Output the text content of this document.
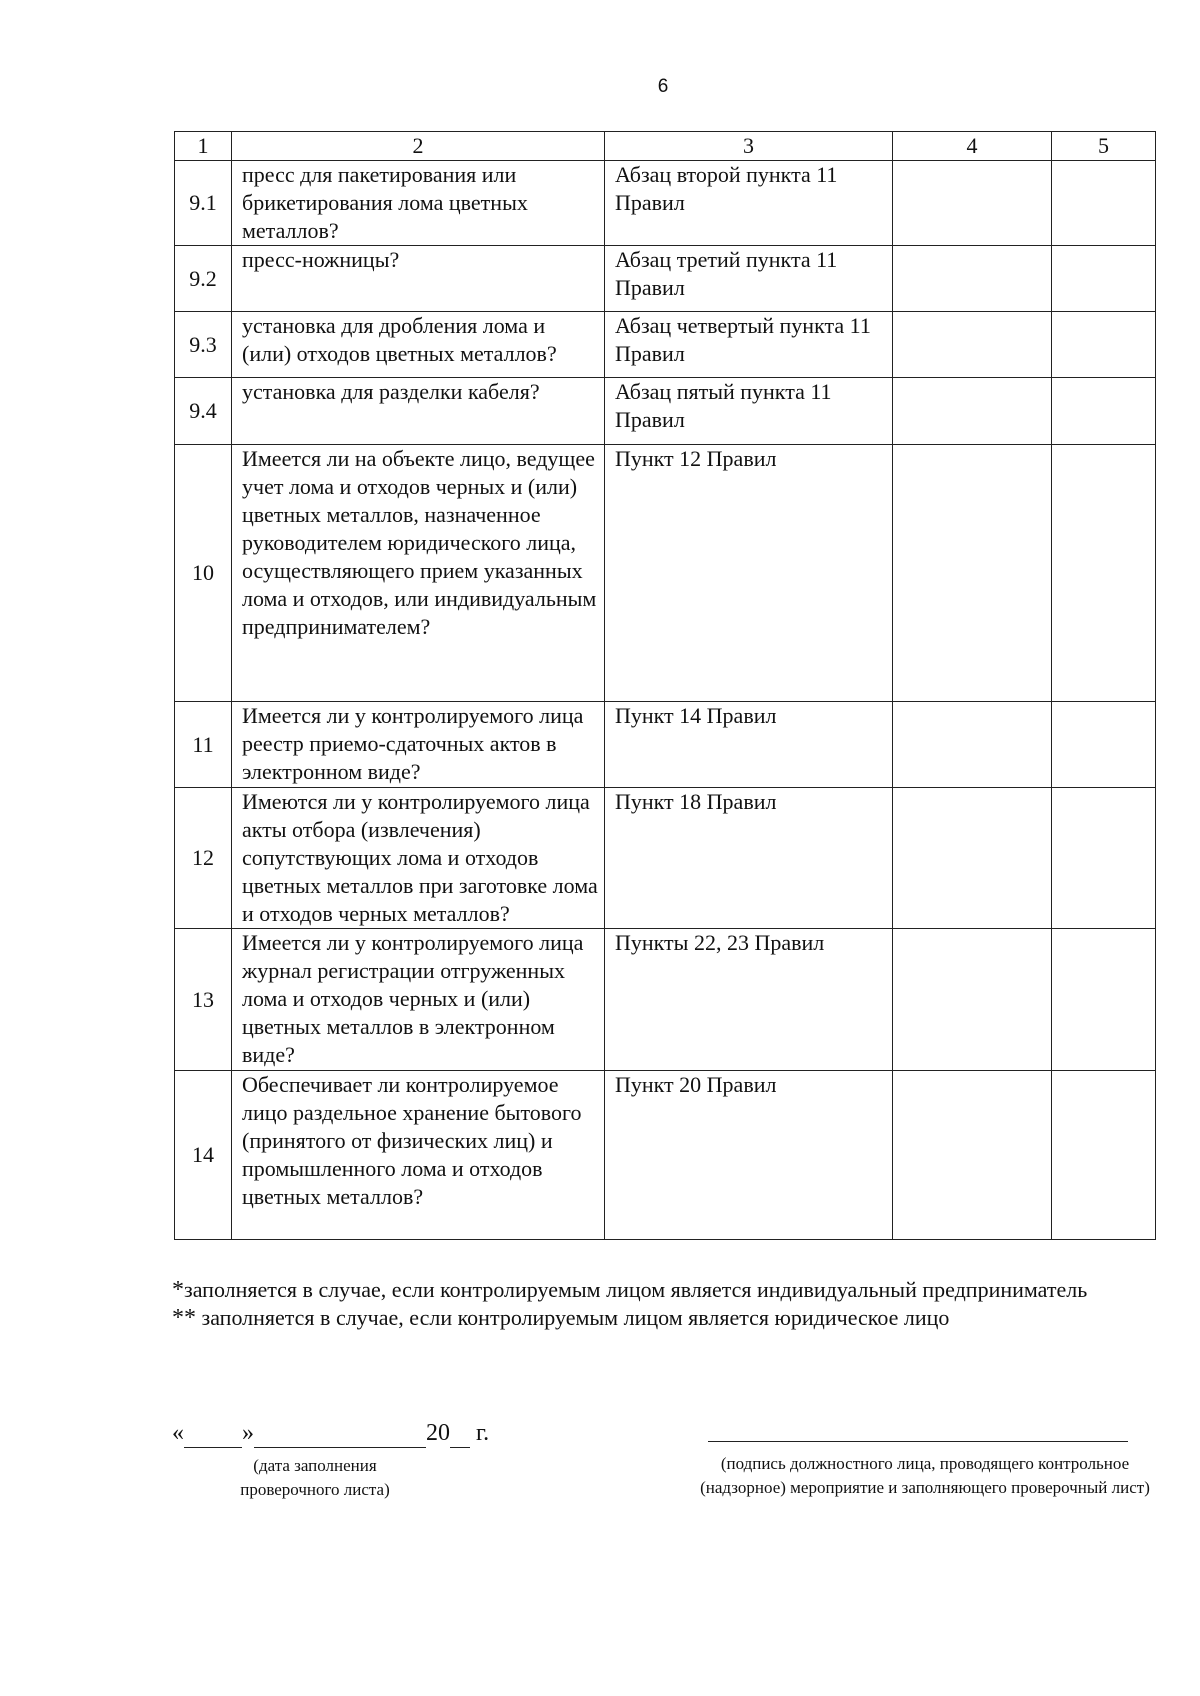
6
1	2	3	4	5
9.1	пресс для пакетирования или брикетирования лома цветных металлов?	Абзац второй пункта 11 Правил		
9.2	пресс-ножницы?	Абзац третий пункта 11 Правил		
9.3	установка для дробления лома и (или) отходов цветных металлов?	Абзац четвертый пункта 11 Правил		
9.4	установка для разделки кабеля?	Абзац пятый пункта 11 Правил		
10	Имеется ли на объекте лицо, ведущее учет лома и отходов черных и (или) цветных металлов, назначенное руководителем юридического лица, осуществляющего прием указанных лома и отходов, или индивидуальным предпринимателем?	Пункт 12 Правил		
11	Имеется ли у контролируемого лица реестр приемо-сдаточных актов в электронном виде?	Пункт 14 Правил		
12	Имеются ли у контролируемого лица акты отбора (извлечения) сопутствующих лома и отходов цветных металлов при заготовке лома и отходов черных металлов?	Пункт 18 Правил		
13	Имеется ли у контролируемого лица журнал регистрации отгруженных лома и отходов черных и (или) цветных металлов в электронном виде?	Пункты 22, 23 Правил		
14	Обеспечивает ли контролируемое лицо раздельное хранение бытового (принятого от физических лиц) и промышленного лома и отходов цветных металлов?	Пункт 20 Правил		
*заполняется в случае, если контролируемым лицом является индивидуальный предприниматель
** заполняется в случае, если контролируемым лицом является юридическое лицо
« »	20 г.
(дата заполнения проверочного листа)
(подпись должностного лица, проводящего контрольное (надзорное) мероприятие и заполняющего проверочный лист)
